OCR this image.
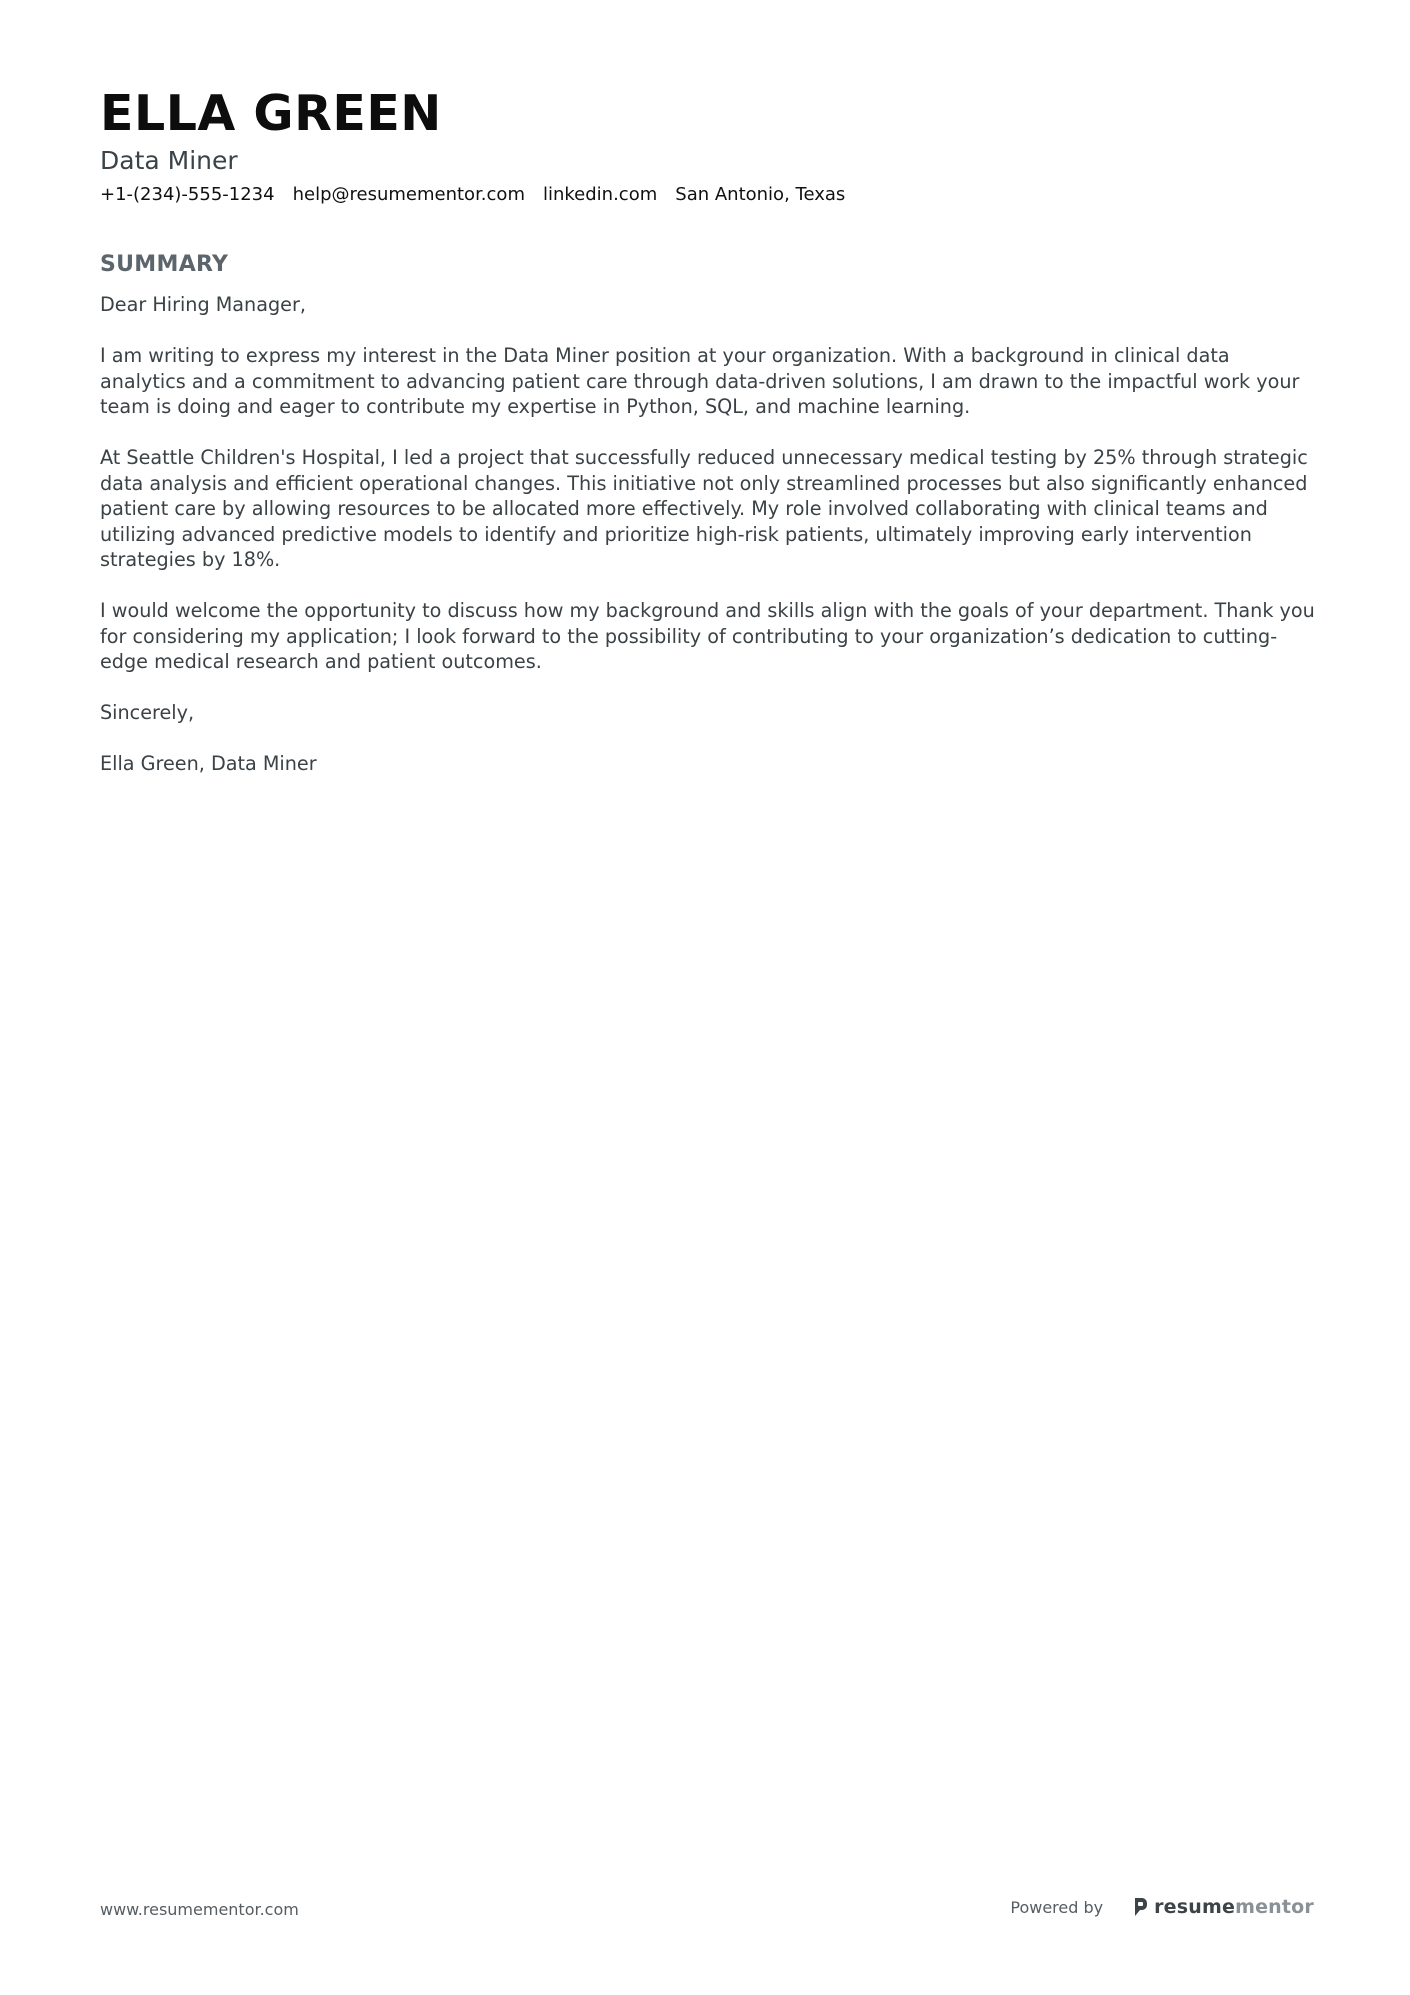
ELLA GREEN
Data Miner
+1-(234)-555-1234 help@resumementor.com linkedin.com San Antonio, Texas
SUMMARY

Dear Hiring Manager,

I am writing to express my interest in the Data Miner position at your organization. With a background in clinical data analytics and a commitment to advancing patient care through data-driven solutions, I am drawn to the impactful work your team is doing and eager to contribute my expertise in Python, SQL, and machine learning.

At Seattle Children's Hospital, I led a project that successfully reduced unnecessary medical testing by 25% through strategic data analysis and efficient operational changes. This initiative not only streamlined processes but also significantly enhanced patient care by allowing resources to be allocated more effectively. My role involved collaborating with clinical teams and utilizing advanced predictive models to identify and prioritize high-risk patients, ultimately improving early intervention strategies by 18%.

I would welcome the opportunity to discuss how my background and skills align with the goals of your department. Thank you for considering my application; I look forward to the possibility of contributing to your organization’s dedication to cutting-edge medical research and patient outcomes.

Sincerely,

Ella Green, Data Miner

www.resumementor.com	Powered by	resumementor
